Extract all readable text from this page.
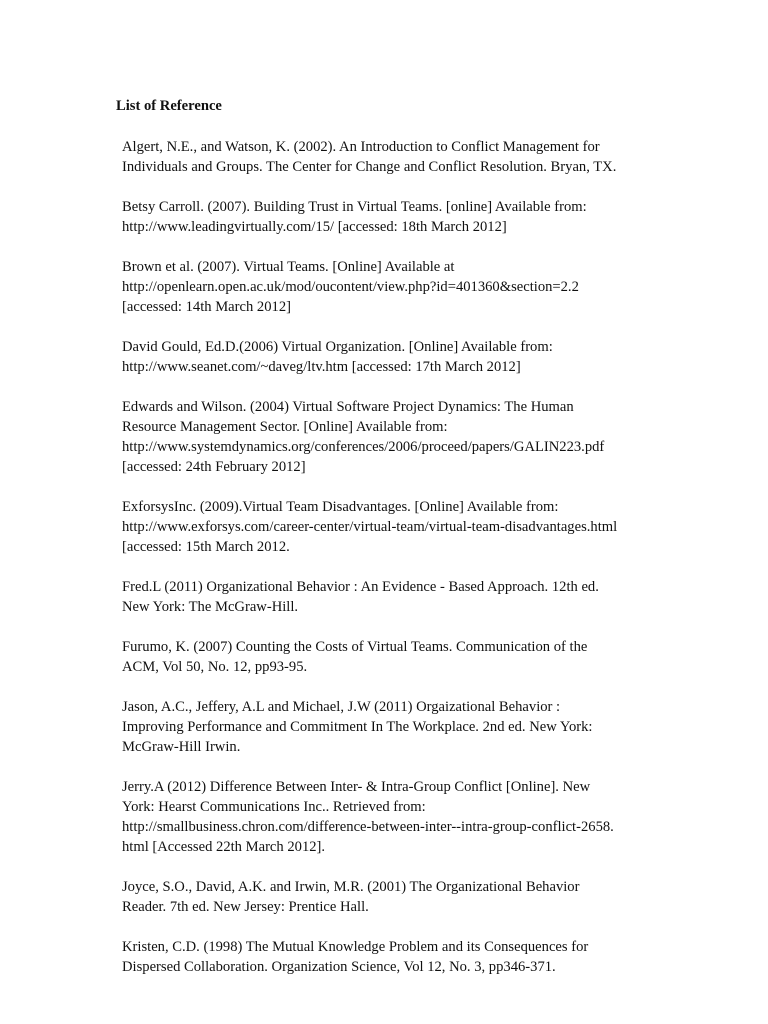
List of Reference
Algert, N.E., and Watson, K. (2002). An Introduction to Conflict Management for
Individuals and Groups. The Center for Change and Conflict Resolution. Bryan, TX.
Betsy Carroll. (2007). Building Trust in Virtual Teams. [online] Available from:
http://www.leadingvirtually.com/15/ [accessed: 18th March 2012]
Brown et al. (2007). Virtual Teams. [Online] Available at
http://openlearn.open.ac.uk/mod/oucontent/view.php?id=401360&section=2.2
[accessed: 14th March 2012]
David Gould, Ed.D.(2006) Virtual Organization. [Online] Available from:
http://www.seanet.com/~daveg/ltv.htm [accessed: 17th March 2012]
Edwards and Wilson. (2004) Virtual Software Project Dynamics: The Human
Resource Management Sector. [Online] Available from:
http://www.systemdynamics.org/conferences/2006/proceed/papers/GALIN223.pdf
[accessed: 24th February 2012]
ExforsysInc. (2009).Virtual Team Disadvantages. [Online] Available from:
http://www.exforsys.com/career-center/virtual-team/virtual-team-disadvantages.html
[accessed: 15th March 2012.
Fred.L (2011) Organizational Behavior : An Evidence - Based Approach. 12th ed.
New York: The McGraw-Hill.
Furumo, K. (2007) Counting the Costs of Virtual Teams. Communication of the
ACM, Vol 50, No. 12, pp93-95.
Jason, A.C., Jeffery, A.L and Michael, J.W (2011) Orgaizational Behavior :
Improving Performance and Commitment In The Workplace. 2nd ed. New York:
McGraw-Hill Irwin.
Jerry.A (2012) Difference Between Inter- & Intra-Group Conflict [Online]. New
York: Hearst Communications Inc.. Retrieved from:
http://smallbusiness.chron.com/difference-between-inter--intra-group-conflict-2658.
html [Accessed 22th March 2012].
Joyce, S.O., David, A.K. and Irwin, M.R. (2001) The Organizational Behavior
Reader. 7th ed. New Jersey: Prentice Hall.
Kristen, C.D. (1998) The Mutual Knowledge Problem and its Consequences for
Dispersed Collaboration. Organization Science, Vol 12, No. 3, pp346-371.
